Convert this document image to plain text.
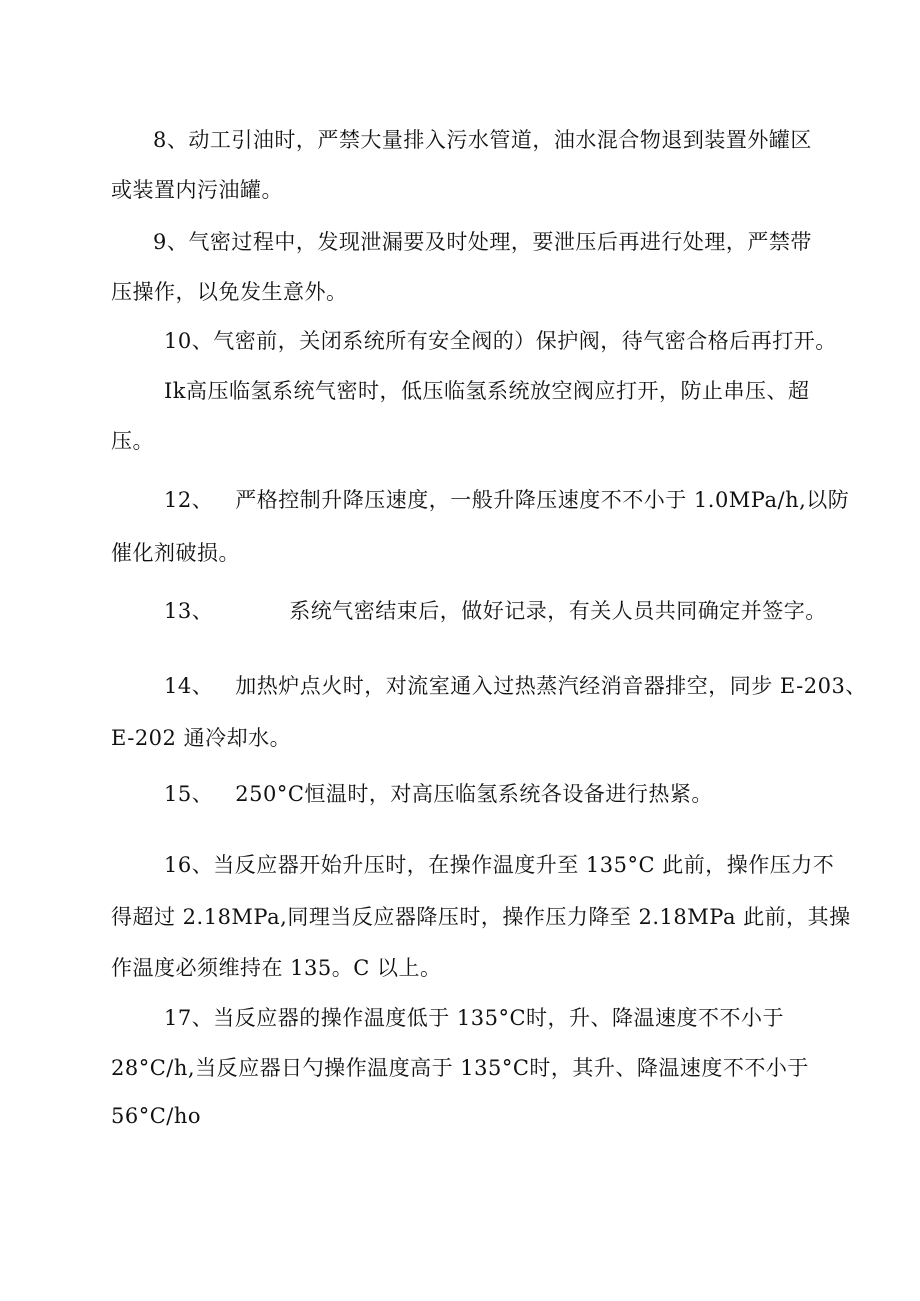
8、动工引油时，严禁大量排入污水管道，油水混合物退到装置外罐区
或装置内污油罐。
9、气密过程中，发现泄漏要及时处理，要泄压后再进行处理，严禁带
压操作，以免发生意外。
10、气密前，关闭系统所有安全阀的）保护阀，待气密合格后再打开。
Ik高压临氢系统气密时，低压临氢系统放空阀应打开，防止串压、超
压。
12、 严格控制升降压速度，一般升降压速度不不小于 1.0MPa/h,以防
催化剂破损。
13、	系统气密结束后，做好记录，有关人员共同确定并签字。
14、 加热炉点火时，对流室通入过热蒸汽经消音器排空，同步 E-203、
E-202 通冷却水。
15、 250°C恒温时，对高压临氢系统各设备进行热紧。
16、当反应器开始升压时，在操作温度升至 135°C 此前，操作压力不
得超过 2.18MPa,同理当反应器降压时，操作压力降至 2.18MPa 此前，其操
作温度必须维持在 135。C 以上。
17、当反应器的操作温度低于 135°C时，升、降温速度不不小于
28°C/h,当反应器日勺操作温度高于 135°C时，其升、降温速度不不小于
56°C/ho
